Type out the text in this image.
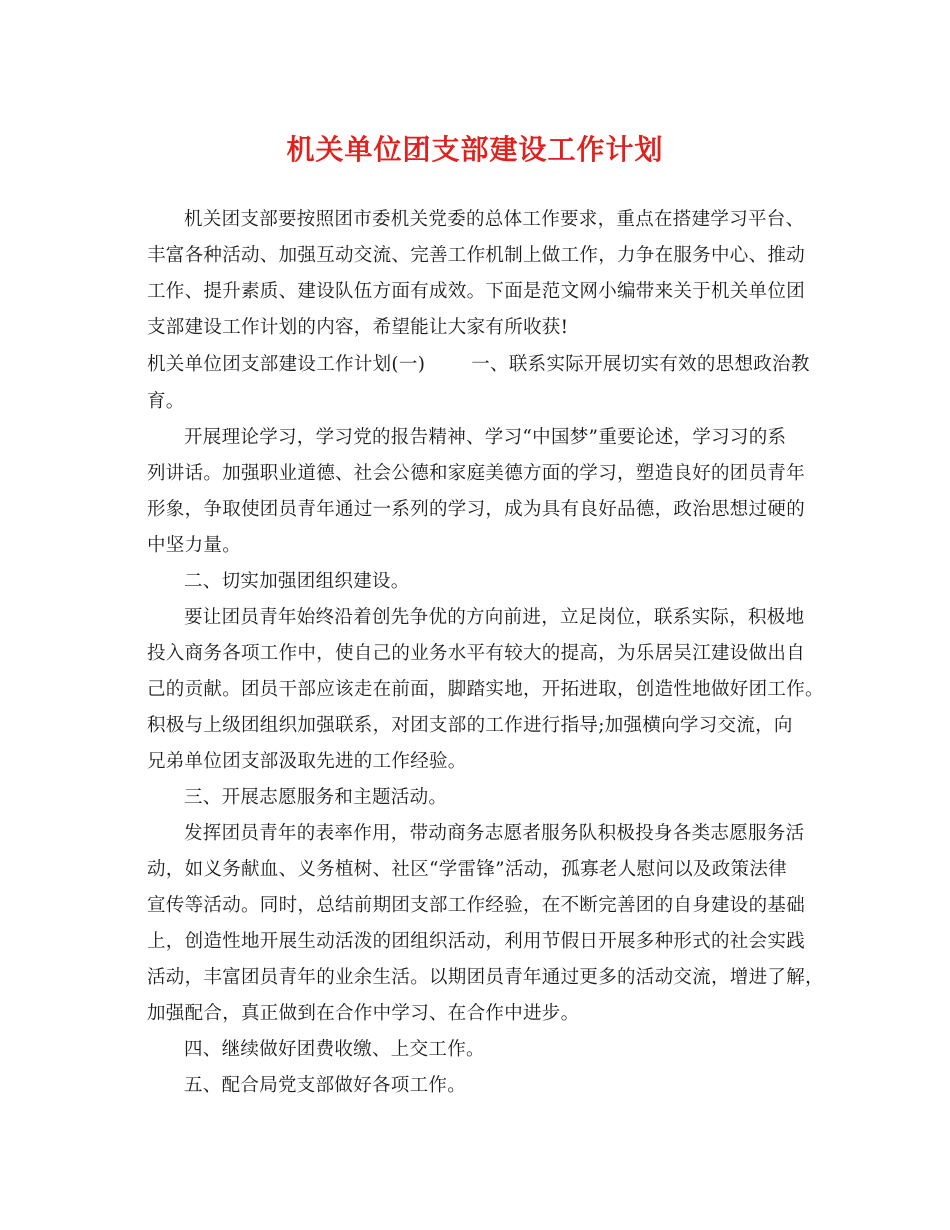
机关单位团支部建设工作计划
机关团支部要按照团市委机关党委的总体工作要求，重点在搭建学习平台、
丰富各种活动、加强互动交流、完善工作机制上做工作，力争在服务中心、推动
工作、提升素质、建设队伍方面有成效。下面是范文网小编带来关于机关单位团
支部建设工作计划的内容，希望能让大家有所收获!
机关单位团支部建设工作计划(一) 一、联系实际开展切实有效的思想政治教
育。
开展理论学习，学习党的报告精神、学习“中国梦”重要论述，学习习的系
列讲话。加强职业道德、社会公德和家庭美德方面的学习，塑造良好的团员青年
形象，争取使团员青年通过一系列的学习，成为具有良好品德，政治思想过硬的
中坚力量。
二、切实加强团组织建设。
要让团员青年始终沿着创先争优的方向前进，立足岗位，联系实际，积极地
投入商务各项工作中，使自己的业务水平有较大的提高，为乐居吴江建设做出自
己的贡献。团员干部应该走在前面，脚踏实地，开拓进取，创造性地做好团工作。
积极与上级团组织加强联系，对团支部的工作进行指导;加强横向学习交流，向
兄弟单位团支部汲取先进的工作经验。
三、开展志愿服务和主题活动。
发挥团员青年的表率作用，带动商务志愿者服务队积极投身各类志愿服务活
动，如义务献血、义务植树、社区“学雷锋”活动，孤寡老人慰问以及政策法律
宣传等活动。同时，总结前期团支部工作经验，在不断完善团的自身建设的基础
上，创造性地开展生动活泼的团组织活动，利用节假日开展多种形式的社会实践
活动，丰富团员青年的业余生活。以期团员青年通过更多的活动交流，增进了解，
加强配合，真正做到在合作中学习、在合作中进步。
四、继续做好团费收缴、上交工作。
五、配合局党支部做好各项工作。
